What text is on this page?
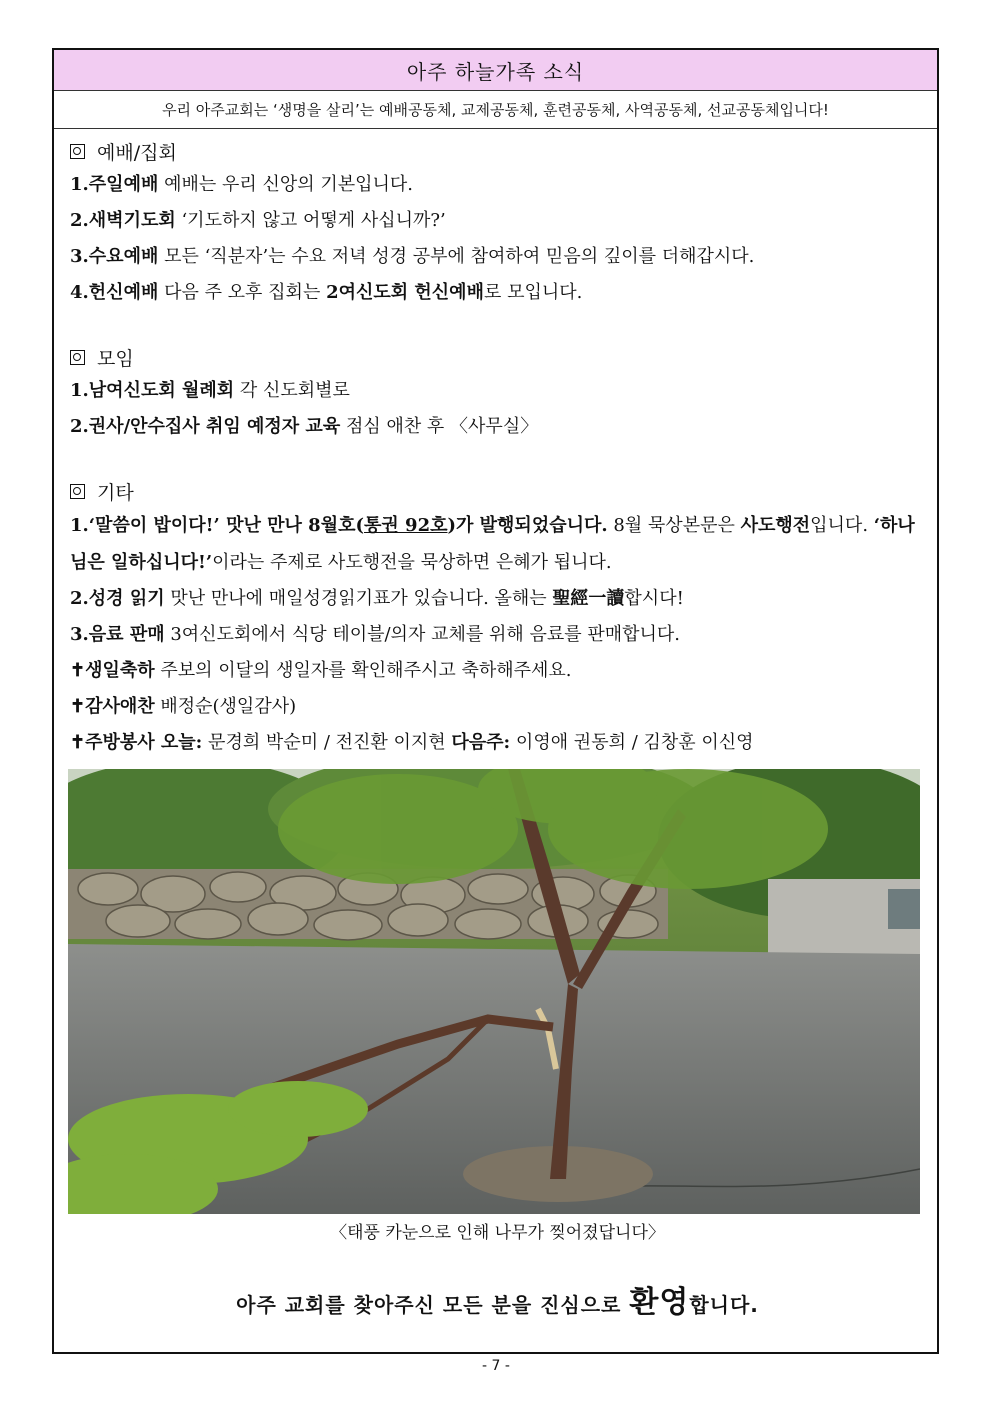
아주 하늘가족 소식
우리 아주교회는 ‘생명을 살리’는 예배공동체, 교제공동체, 훈련공동체, 사역공동체, 선교공동체입니다!
예배/집회
1.주일예배 예배는 우리 신앙의 기본입니다.
2.새벽기도회 ‘기도하지 않고 어떻게 사십니까?’
3.수요예배 모든 ‘직분자’는 수요 저녁 성경 공부에 참여하여 믿음의 깊이를 더해갑시다.
4.헌신예배 다음 주 오후 집회는 2여신도회 헌신예배로 모입니다.
모임
1.남여신도회 월례회 각 신도회별로
2.권사/안수집사 취임 예정자 교육 점심 애찬 후 〈사무실〉
기타
1.‘말씀이 밥이다!’ 맛난 만나 8월호(통권 92호)가 발행되었습니다. 8월 묵상본문은 사도행전입니다. ‘하나님은 일하십니다!’이라는 주제로 사도행전을 묵상하면 은혜가 됩니다.
2.성경 읽기 맛난 만나에 매일성경읽기표가 있습니다. 올해는 聖經一讀합시다!
3.음료 판매 3여신도회에서 식당 테이블/의자 교체를 위해 음료를 판매합니다.
✝생일축하 주보의 이달의 생일자를 확인해주시고 축하해주세요.
✝감사애찬 배정순(생일감사)
✝주방봉사 오늘: 문경희 박순미 / 전진환 이지현 다음주: 이영애 권동희 / 김창훈 이신영
〈태풍 카눈으로 인해 나무가 찢어졌답니다〉
아주 교회를 찾아주신 모든 분을 진심으로 환영합니다.
- 7 -
